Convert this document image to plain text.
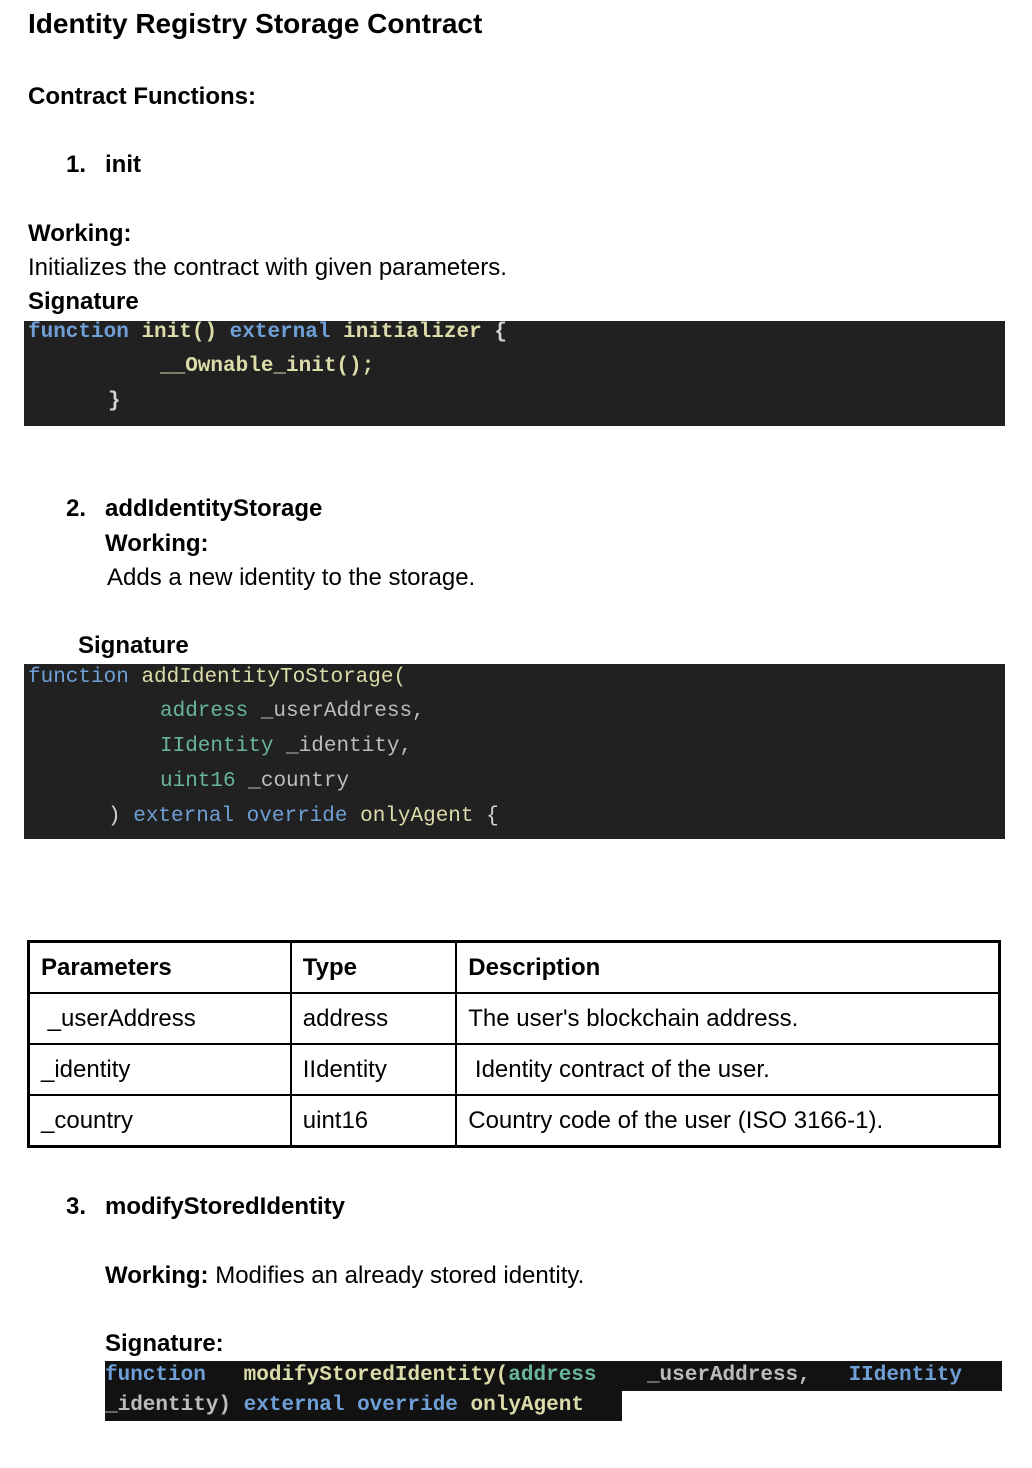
Identity Registry Storage Contract
Contract Functions:
1. init
Working:
Initializes the contract with given parameters.
Signature
function init() external initializer {
__Ownable_init();
}
2. addIdentityStorage
Working:
Adds a new identity to the storage.
Signature
function addIdentityToStorage(
address _userAddress,
IIdentity _identity,
uint16 _country
) external override onlyAgent {
Parameters	Type	Description
_userAddress	address	The user's blockchain address.
_identity	IIdentity	Identity contract of the user.
_country	uint16	Country code of the user (ISO 3166-1).
3. modifyStoredIdentity
Working: Modifies an already stored identity.
Signature:
function modifyStoredIdentity(address _userAddress, IIdentity
_identity) external override onlyAgent
